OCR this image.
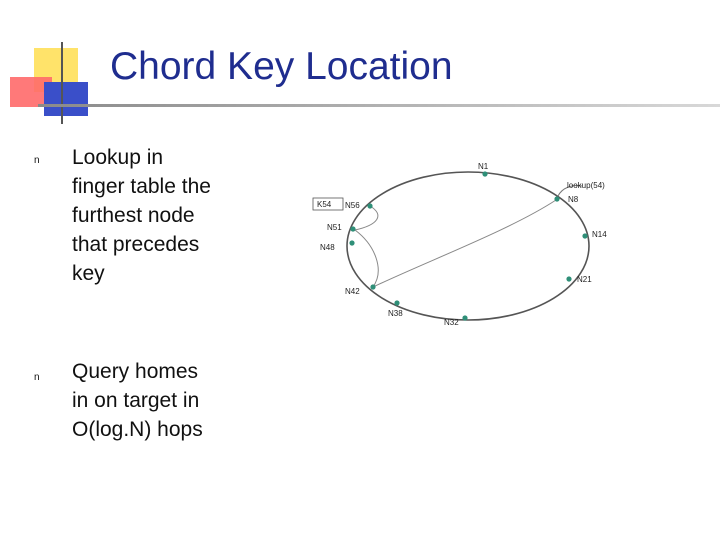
Chord Key Location
n Lookup in finger table the furthest node that precedes key

n Query homes in on target in O(log.N) hops

K54
N1
N8
N14
N21
N32
N38
N42
N48
N51
N56
lookup(54)
